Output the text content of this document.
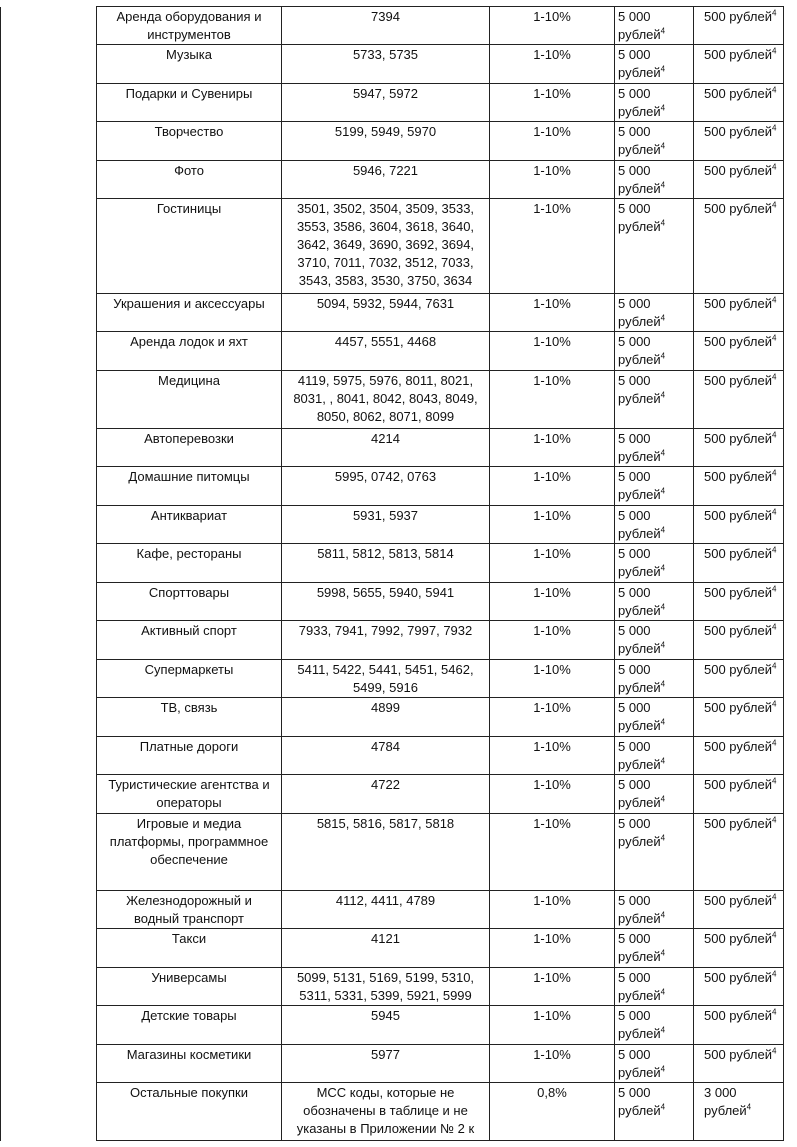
	Аренда оборудования и инструментов	7394	1-10%	5 000 рублей$^4$	500 рублей$^4$
	Музыка	5733, 5735	1-10%	5 000 рублей$^4$	500 рублей$^4$
	Подарки и Сувениры	5947, 5972	1-10%	5 000 рублей$^4$	500 рублей$^4$
	Творчество	5199, 5949, 5970	1-10%	5 000 рублей$^4$	500 рублей$^4$
	Фото	5946, 7221	1-10%	5 000 рублей$^4$	500 рублей$^4$
	Гостиницы	3501, 3502, 3504, 3509, 3533, 3553, 3586, 3604, 3618, 3640, 3642, 3649, 3690, 3692, 3694, 3710, 7011, 7032, 3512, 7033, 3543, 3583, 3530, 3750, 3634	1-10%	5 000 рублей$^4$	500 рублей$^4$
	Украшения и аксессуары	5094, 5932, 5944, 7631	1-10%	5 000 рублей$^4$	500 рублей$^4$
	Аренда лодок и яхт	4457, 5551, 4468	1-10%	5 000 рублей$^4$	500 рублей$^4$
	Медицина	4119, 5975, 5976, 8011, 8021, 8031, , 8041, 8042, 8043, 8049, 8050, 8062, 8071, 8099	1-10%	5 000 рублей$^4$	500 рублей$^4$
	Автоперевозки	4214	1-10%	5 000 рублей$^4$	500 рублей$^4$
	Домашние питомцы	5995, 0742, 0763	1-10%	5 000 рублей$^4$	500 рублей$^4$
	Антиквариат	5931, 5937	1-10%	5 000 рублей$^4$	500 рублей$^4$
	Кафе, рестораны	5811, 5812, 5813, 5814	1-10%	5 000 рублей$^4$	500 рублей$^4$
	Спорттовары	5998, 5655, 5940, 5941	1-10%	5 000 рублей$^4$	500 рублей$^4$
	Активный спорт	7933, 7941, 7992, 7997, 7932	1-10%	5 000 рублей$^4$	500 рублей$^4$
	Супермаркеты	5411, 5422, 5441, 5451, 5462, 5499, 5916	1-10%	5 000 рублей$^4$	500 рублей$^4$
	ТВ, связь	4899	1-10%	5 000 рублей$^4$	500 рублей$^4$
	Платные дороги	4784	1-10%	5 000 рублей$^4$	500 рублей$^4$
	Туристические агентства и операторы	4722	1-10%	5 000 рублей$^4$	500 рублей$^4$
	Игровые и медиа платформы, программное обеспечение	5815, 5816, 5817, 5818	1-10%	5 000 рублей$^4$	500 рублей$^4$
	Железнодорожный и водный транспорт	4112, 4411, 4789	1-10%	5 000 рублей$^4$	500 рублей$^4$
	Такси	4121	1-10%	5 000 рублей$^4$	500 рублей$^4$
	Универсамы	5099, 5131, 5169, 5199, 5310, 5311, 5331, 5399, 5921, 5999	1-10%	5 000 рублей$^4$	500 рублей$^4$
	Детские товары	5945	1-10%	5 000 рублей$^4$	500 рублей$^4$
	Магазины косметики	5977	1-10%	5 000 рублей$^4$	500 рублей$^4$
	Остальные покупки	МСС коды, которые не обозначены в таблице и не указаны в Приложении № 2 к	0,8%	5 000 рублей$^4$	3 000 рублей$^4$
